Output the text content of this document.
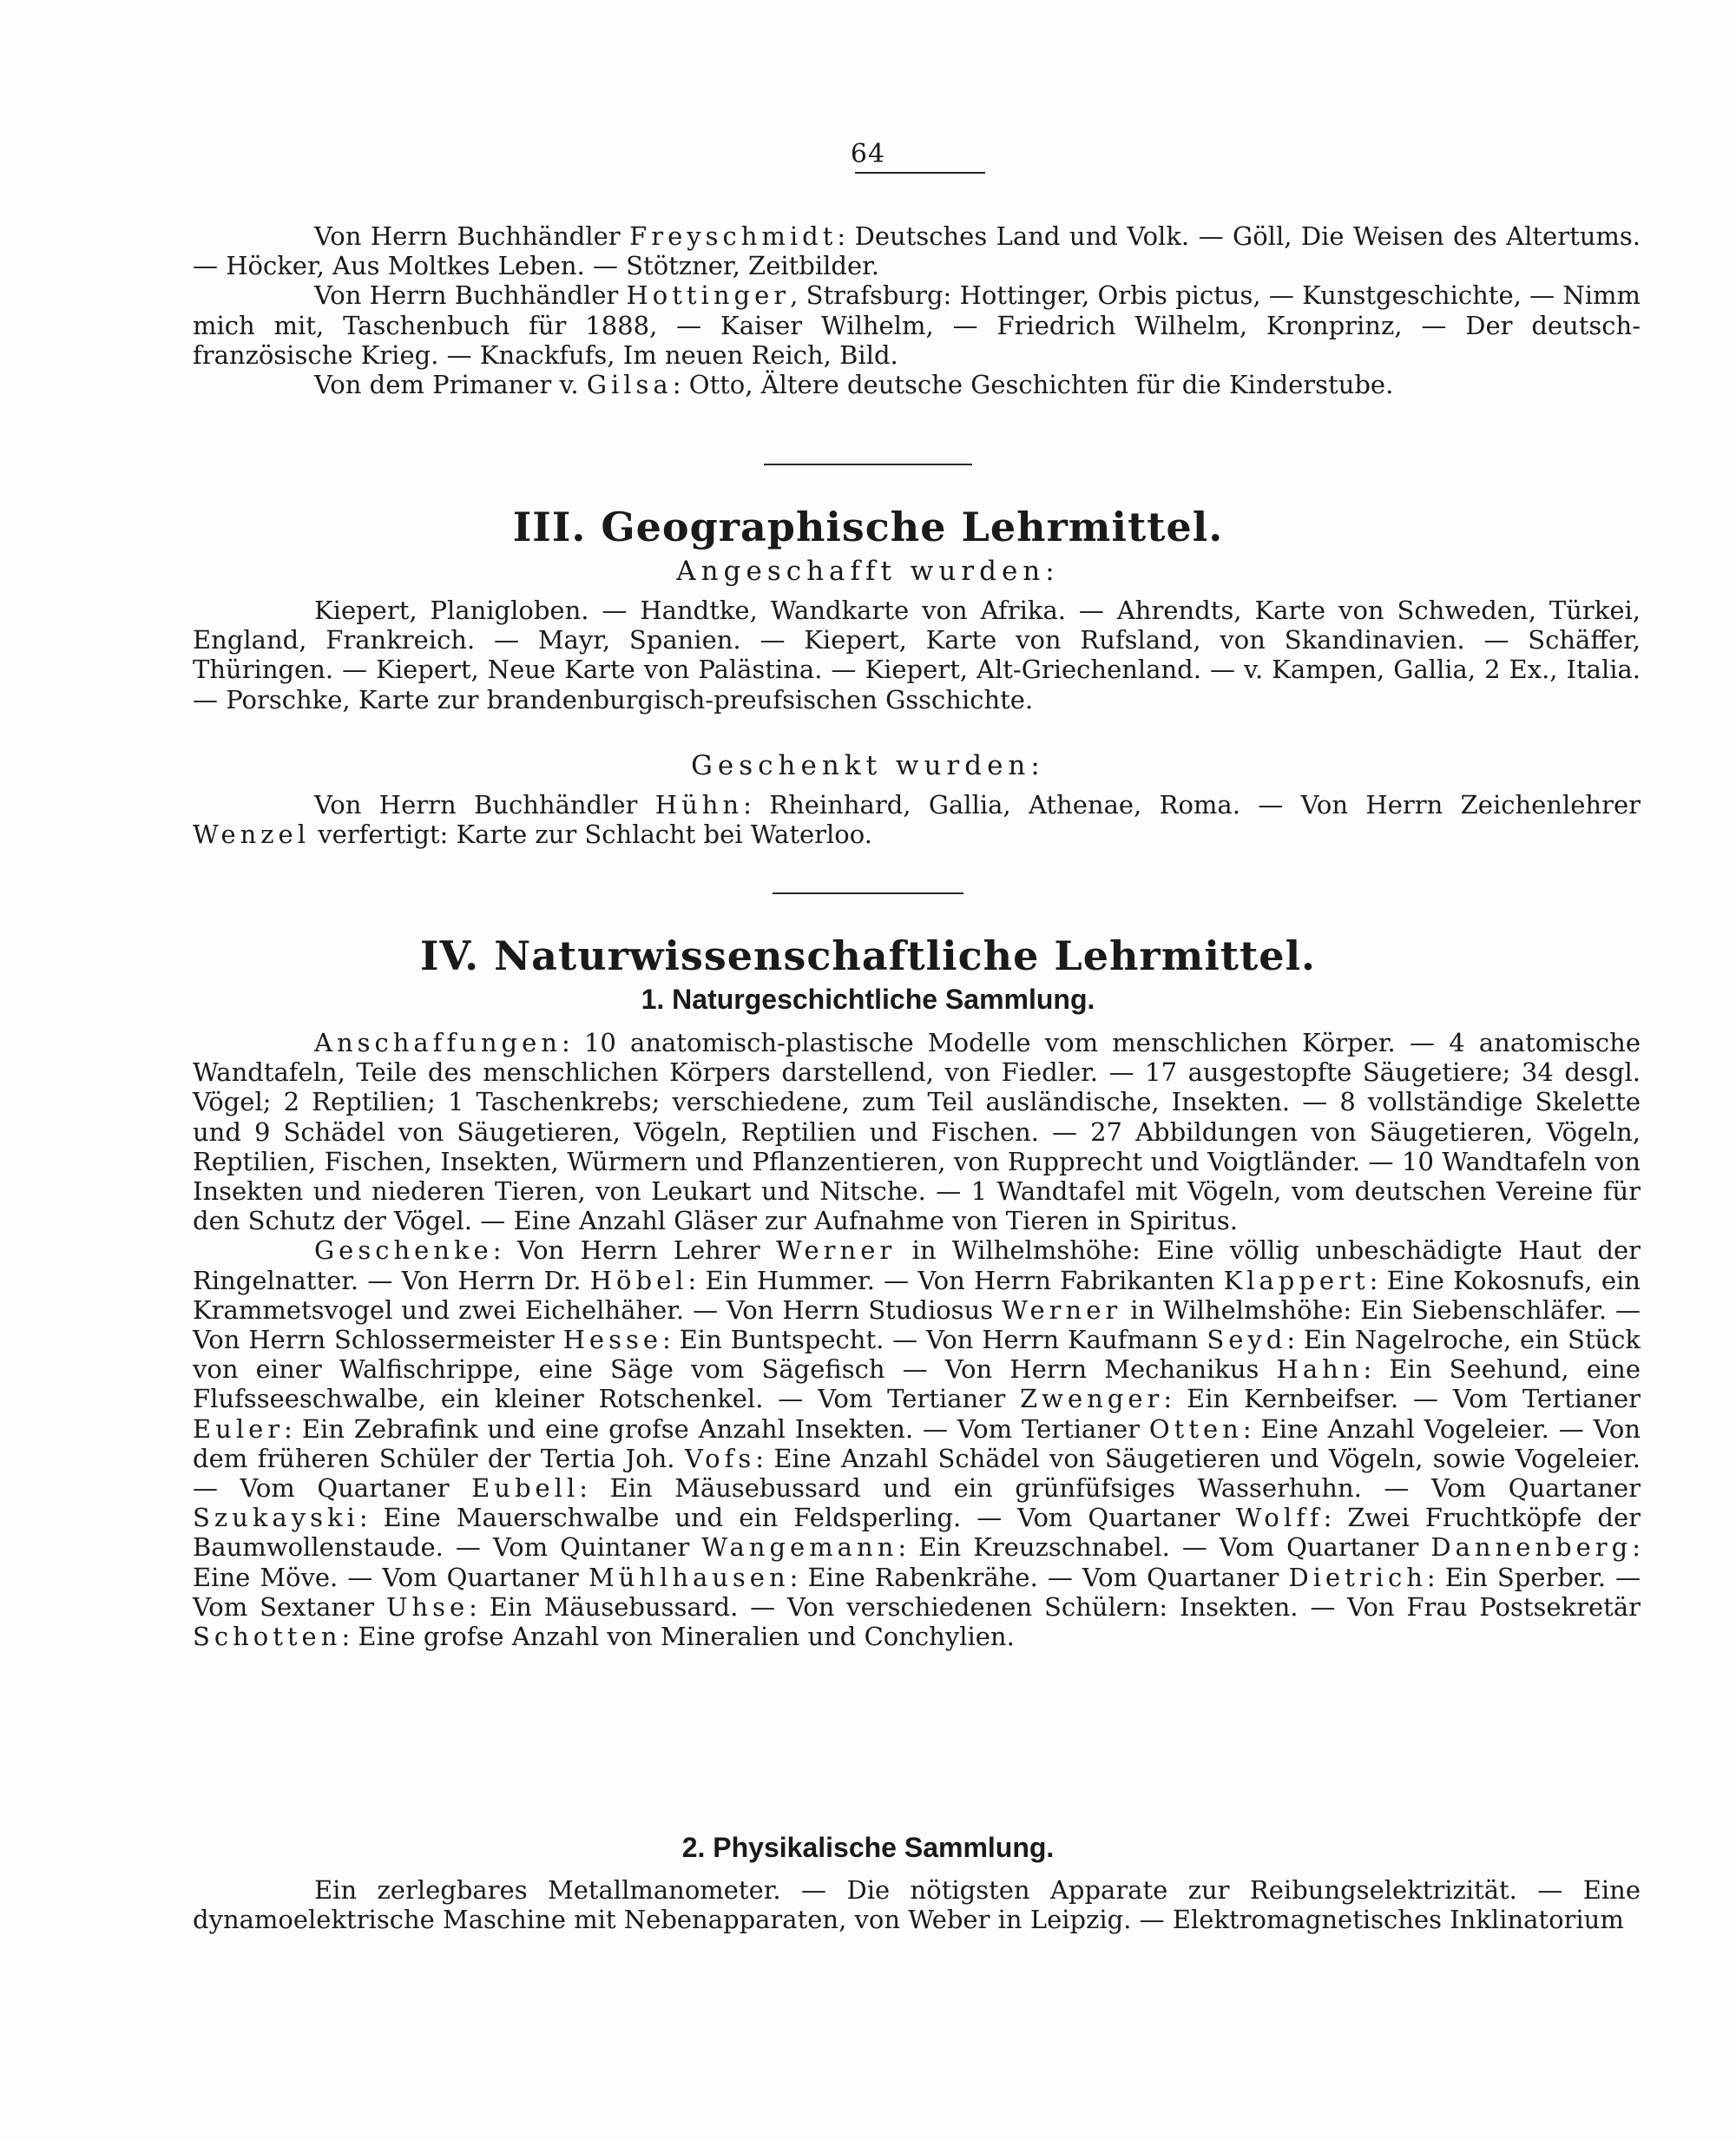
64

Von Herrn Buchhändler Freyschmidt: Deutsches Land und Volk. — Göll, Die Weisen des Altertums. — Höcker, Aus Moltkes Leben. — Stötzner, Zeitbilder.

Von Herrn Buchhändler Hottinger, Strafsburg: Hottinger, Orbis pictus, — Kunstgeschichte, — Nimm mich mit, Taschenbuch für 1888, — Kaiser Wilhelm, — Friedrich Wilhelm, Kronprinz, — Der deutsch-französische Krieg. — Knackfufs, Im neuen Reich, Bild.

Von dem Primaner v. Gilsa: Otto, Ältere deutsche Geschichten für die Kinderstube.

III. Geographische Lehrmittel.
Angeschafft wurden:

Kiepert, Planigloben. — Handtke, Wandkarte von Afrika. — Ahrendts, Karte von Schweden, Türkei, England, Frankreich. — Mayr, Spanien. — Kiepert, Karte von Rufsland, von Skandinavien. — Schäffer, Thüringen. — Kiepert, Neue Karte von Palästina. — Kiepert, Alt-Griechenland. — v. Kampen, Gallia, 2 Ex., Italia. — Porschke, Karte zur brandenburgisch-preufsischen Gsschichte.

Geschenkt wurden:

Von Herrn Buchhändler Hühn: Rheinhard, Gallia, Athenae, Roma. — Von Herrn Zeichenlehrer Wenzel verfertigt: Karte zur Schlacht bei Waterloo.

IV. Naturwissenschaftliche Lehrmittel.
1. Naturgeschichtliche Sammlung.

Anschaffungen: 10 anatomisch-plastische Modelle vom menschlichen Körper. — 4 anatomische Wandtafeln, Teile des menschlichen Körpers darstellend, von Fiedler. — 17 ausgestopfte Säugetiere; 34 desgl. Vögel; 2 Reptilien; 1 Taschenkrebs; verschiedene, zum Teil ausländische, Insekten. — 8 vollständige Skelette und 9 Schädel von Säugetieren, Vögeln, Reptilien und Fischen. — 27 Abbildungen von Säugetieren, Vögeln, Reptilien, Fischen, Insekten, Würmern und Pflanzentieren, von Rupprecht und Voigtländer. — 10 Wandtafeln von Insekten und niederen Tieren, von Leukart und Nitsche. — 1 Wandtafel mit Vögeln, vom deutschen Vereine für den Schutz der Vögel. — Eine Anzahl Gläser zur Aufnahme von Tieren in Spiritus.

Geschenke: Von Herrn Lehrer Werner in Wilhelmshöhe: Eine völlig unbeschädigte Haut der Ringelnatter. — Von Herrn Dr. Höbel: Ein Hummer. — Von Herrn Fabrikanten Klappert: Eine Kokosnufs, ein Krammetsvogel und zwei Eichelhäher. — Von Herrn Studiosus Werner in Wilhelmshöhe: Ein Siebenschläfer. — Von Herrn Schlossermeister Hesse: Ein Buntspecht. — Von Herrn Kaufmann Seyd: Ein Nagelroche, ein Stück von einer Walfischrippe, eine Säge vom Sägefisch — Von Herrn Mechanikus Hahn: Ein Seehund, eine Flufsseeschwalbe, ein kleiner Rotschenkel. — Vom Tertianer Zwenger: Ein Kernbeifser. — Vom Tertianer Euler: Ein Zebrafink und eine grofse Anzahl Insekten. — Vom Tertianer Otten: Eine Anzahl Vogeleier. — Von dem früheren Schüler der Tertia Joh. Vofs: Eine Anzahl Schädel von Säugetieren und Vögeln, sowie Vogeleier. — Vom Quartaner Eubell: Ein Mäusebussard und ein grünfüfsiges Wasserhuhn. — Vom Quartaner Szukayski: Eine Mauerschwalbe und ein Feldsperling. — Vom Quartaner Wolff: Zwei Fruchtköpfe der Baumwollenstaude. — Vom Quintaner Wangemann: Ein Kreuzschnabel. — Vom Quartaner Dannenberg: Eine Möve. — Vom Quartaner Mühlhausen: Eine Rabenkrähe. — Vom Quartaner Dietrich: Ein Sperber. — Vom Sextaner Uhse: Ein Mäusebussard. — Von verschiedenen Schülern: Insekten. — Von Frau Postsekretär Schotten: Eine grofse Anzahl von Mineralien und Conchylien.

2. Physikalische Sammlung.

Ein zerlegbares Metallmanometer. — Die nötigsten Apparate zur Reibungselektrizität. — Eine dynamoelektrische Maschine mit Nebenapparaten, von Weber in Leipzig. — Elektromagnetisches Inklinatorium
